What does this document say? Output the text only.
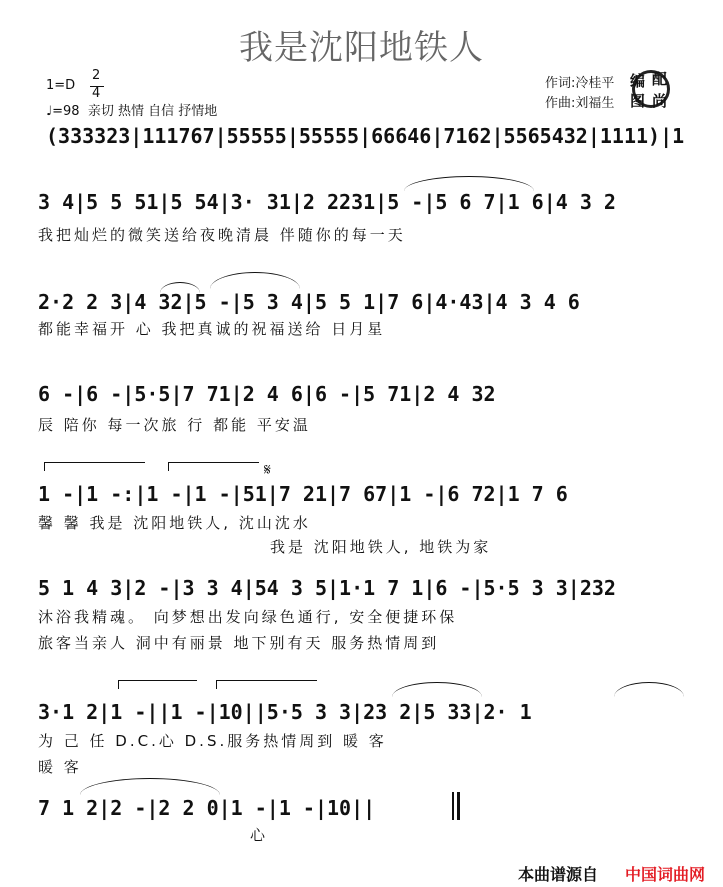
我是沈阳地铁人
作词:冷桂平
作曲:刘福生

编

配

图

尚

1=D
2
4
♩=98  亲切 热情 自信 抒情地
(333323|111767|55555|55555|66646|7162|5565432|1111)|1
3 4|5 5 51|5 54|3· 31|2 2231|5 -|5 6 7|1 6|4 3 2
我把灿烂的微笑送给夜晚清晨 伴随你的每一天
2·2 2 3|4 32|5 -|5 3 4|5 5 1|7 6|4·43|4 3 4 6
都能幸福开 心 我把真诚的祝福送给 日月星
6 -|6 -|5·5|7 71|2 4 6|6 -|5 71|2 4 32
辰 陪你 每一次旅 行 都能 平安温
1 -|1 -:|1 -|1 -|51|7 21|7 67|1 -|6 72|1 7 6
馨 馨 我是 沈阳地铁人, 沈山沈水
我是 沈阳地铁人, 地铁为家
5 1 4 3|2 -|3 3 4|54 3 5|1·1 7 1|6 -|5·5 3 3|232
沐浴我精魂。 向梦想出发向绿色通行, 安全便捷环保
旅客当亲人 洞中有丽景 地下别有天 服务热情周到
3·1 2|1 -||1 -|10||5·5 3 3|23 2|5 33|2· 1
为 己 任 D.C.心 D.S.服务热情周到 暖 客
暖 客
7 1 2|2 -|2 2 0|1 -|1 -|10||
心
𝄋
本曲谱源自 中国词曲网
